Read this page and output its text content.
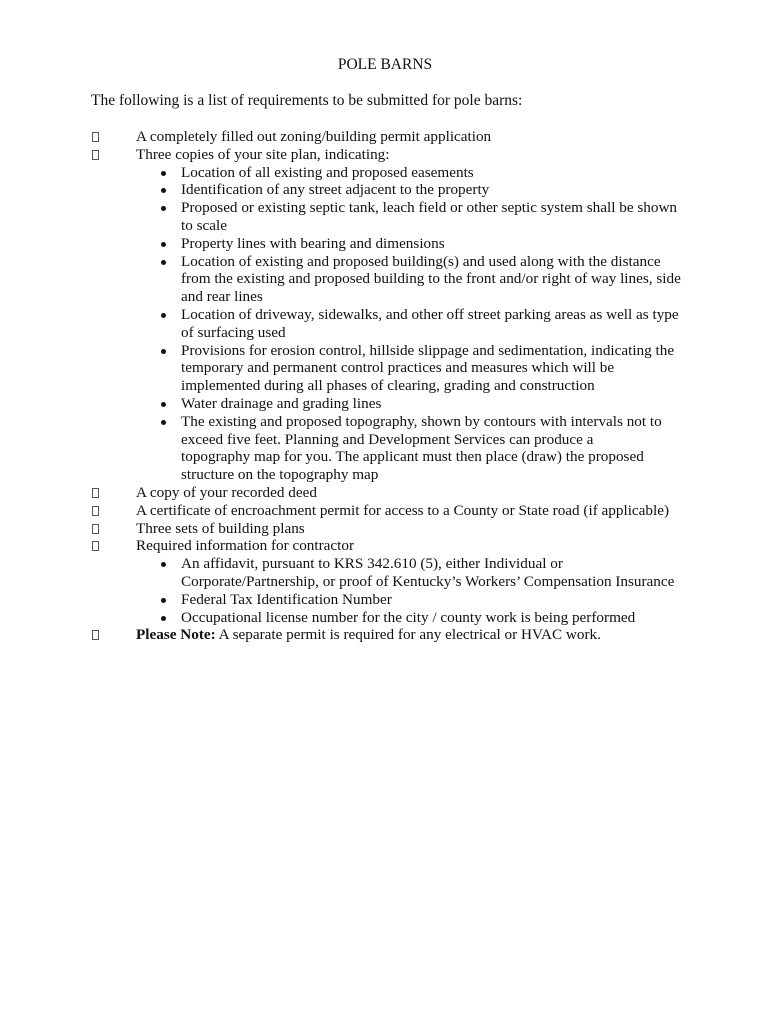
POLE BARNS
The following is a list of requirements to be submitted for pole barns:
A completely filled out zoning/building permit application
Three copies of your site plan, indicating:
Location of all existing and proposed easements
Identification of any street adjacent to the property
Proposed or existing septic tank, leach field or other septic system shall be shown
to scale
Property lines with bearing and dimensions
Location of existing and proposed building(s) and used along with the distance
from the existing and proposed building to the front and/or right of way lines, side
and rear lines
Location of driveway, sidewalks, and other off street parking areas as well as type
of surfacing used
Provisions for erosion control, hillside slippage and sedimentation, indicating the
temporary and permanent control practices and measures which will be
implemented during all phases of clearing, grading and construction
Water drainage and grading lines
The existing and proposed topography, shown by contours with intervals not to
exceed five feet. Planning and Development Services can produce a
topography map for you. The applicant must then place (draw) the proposed
structure on the topography map
A copy of your recorded deed
A certificate of encroachment permit for access to a County or State road (if applicable)
Three sets of building plans
Required information for contractor
An affidavit, pursuant to KRS 342.610 (5), either Individual or
Corporate/Partnership, or proof of Kentucky’s Workers’ Compensation Insurance
Federal Tax Identification Number
Occupational license number for the city / county work is being performed
Please Note: A separate permit is required for any electrical or HVAC work.
